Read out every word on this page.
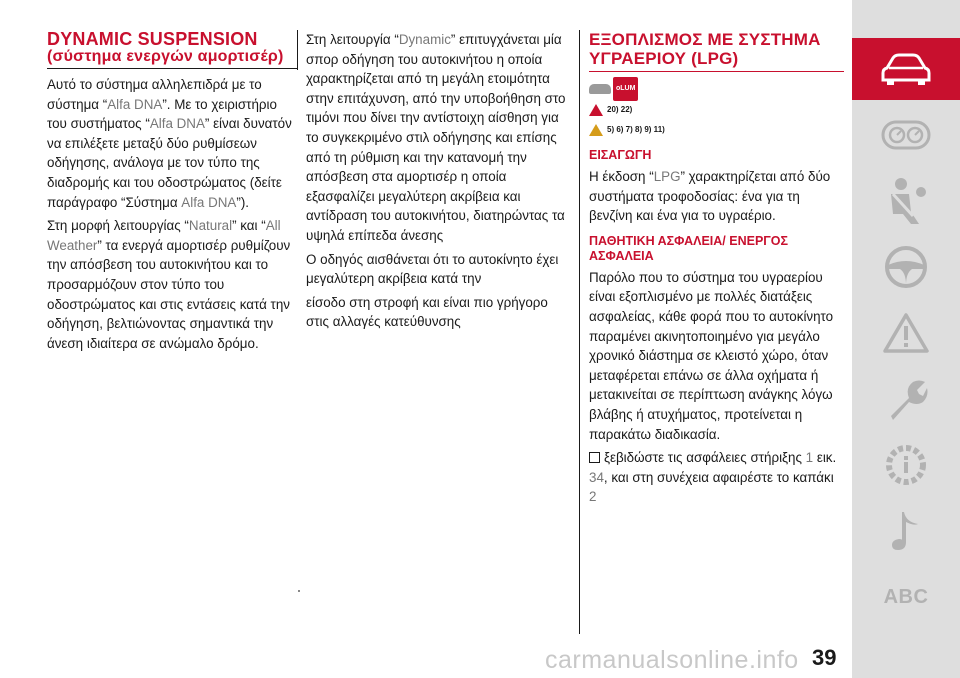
DYNAMIC SUSPENSION
(σύστημα ενεργών αμορτισέρ)

Αυτό το σύστημα αλληλεπιδρά με το σύστημα “Alfa DNA”. Με το χειριστήριο του συστήματος “Alfa DNA” είναι δυνατόν να επιλέξετε μεταξύ δύο ρυθμίσεων οδήγησης, ανάλογα με τον τύπο της διαδρομής και του οδοστρώματος (δείτε παράγραφο “Σύστημα Alfa DNA”).

Στη μορφή λειτουργίας “Natural” και “All Weather” τα ενεργά αμορτισέρ ρυθμίζουν την απόσβεση του αυτοκινήτου και το προσαρμόζουν στον τύπο του οδοστρώματος και στις εντάσεις κατά την οδήγηση, βελτιώνοντας σημαντικά την άνεση ιδιαίτερα σε ανώμαλο δρόμο.

Στη λειτουργία “Dynamic” επιτυγχάνεται μία σπορ οδήγηση του αυτοκινήτου η οποία χαρακτηρίζεται από τη μεγάλη ετοιμότητα στην επιτάχυνση, από την υποβοήθηση στο τιμόνι που δίνει την αντίστοιχη αίσθηση για το συγκεκριμένο στιλ οδήγησης και επίσης από τη ρύθμιση και την κατανομή την απόσβεση στα αμορτισέρ η οποία εξασφαλίζει μεγαλύτερη ακρίβεια και αντίδραση του αυτοκινήτου, διατηρώντας τα υψηλά επίπεδα άνεσης

Ο οδηγός αισθάνεται ότι το αυτοκίνητο έχει μεγαλύτερη ακρίβεια κατά την

είσοδο στη στροφή και είναι πιο γρήγορο στις αλλαγές κατεύθυνσης

ΕΞΟΠΛΙΣΜΟΣ ΜΕ ΣΥΣΤΗΜΑ ΥΓΡΑΕΡΙΟΥ (LPG)
oLUM
20) 22)
5) 6) 7) 8) 9) 11)
ΕΙΣΑΓΩΓΗ

Η έκδοση “LPG” χαρακτηρίζεται από δύο συστήματα τροφοδοσίας: ένα για τη βενζίνη και ένα για το υγραέριο.

ΠΑΘΗΤΙΚΗ ΑΣΦΑΛΕΙΑ/ ΕΝΕΡΓΟΣ ΑΣΦΑΛΕΙΑ

Παρόλο που το σύστημα του υγραερίου είναι εξοπλισμένο με πολλές διατάξεις ασφαλείας, κάθε φορά που το αυτοκίνητο παραμένει ακινητοποιημένο για μεγάλο χρονικό διάστημα σε κλειστό χώρο, όταν μεταφέρεται επάνω σε άλλα οχήματα ή μετακινείται σε περίπτωση ανάγκης λόγω βλάβης ή ατυχήματος, προτείνεται η παρακάτω διαδικασία.

ξεβιδώστε τις ασφάλειες στήριξης 1 εικ. 34, και στη συνέχεια αφαιρέστε το καπάκι 2

ABC
carmanualsonline.info 39
